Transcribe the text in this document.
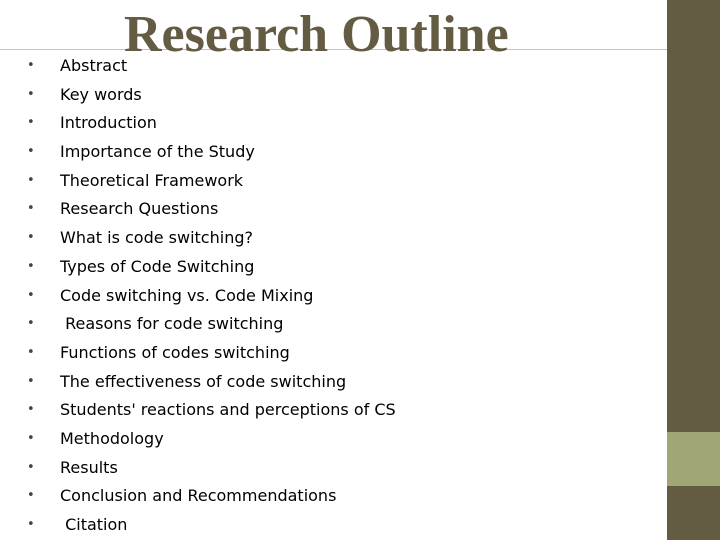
Research Outline
•	Abstract
•	Key words
•	Introduction
•	Importance of the Study
•	Theoretical Framework
•	Research Questions
•	What is code switching?
•	Types of Code Switching
•	Code switching vs. Code Mixing
•	Reasons for code switching
•	Functions of codes switching
•	The effectiveness of code switching
•	Students' reactions and perceptions of CS
•	Methodology
•	Results
•	Conclusion and Recommendations
•	Citation
